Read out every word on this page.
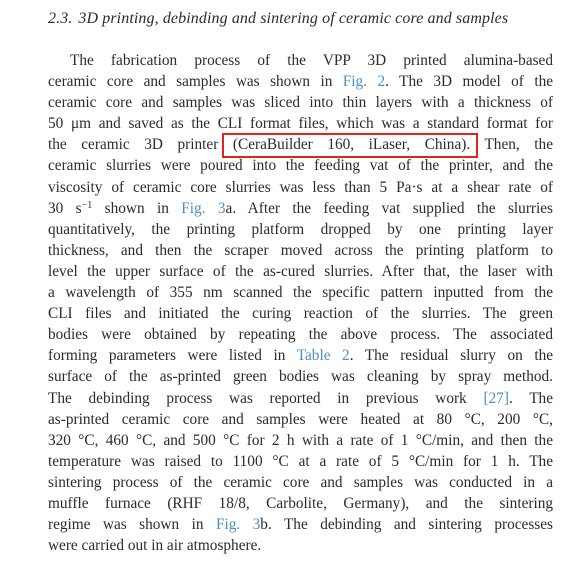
2.3. 3D printing, debinding and sintering of ceramic core and samples
The fabrication process of the VPP 3D printed alumina-based
ceramic core and samples was shown in Fig. 2. The 3D model of the
ceramic core and samples was sliced into thin layers with a thickness of
50 μm and saved as the CLI format files, which was a standard format for
the ceramic 3D printer (CeraBuilder 160, iLaser, China). Then, the
ceramic slurries were poured into the feeding vat of the printer, and the
viscosity of ceramic core slurries was less than 5 Pa·s at a shear rate of
30 $s^{-1}$ shown in Fig. 3a. After the feeding vat supplied the slurries
quantitatively, the printing platform dropped by one printing layer
thickness, and then the scraper moved across the printing platform to
level the upper surface of the as-cured slurries. After that, the laser with
a wavelength of 355 nm scanned the specific pattern inputted from the
CLI files and initiated the curing reaction of the slurries. The green
bodies were obtained by repeating the above process. The associated
forming parameters were listed in Table 2. The residual slurry on the
surface of the as-printed green bodies was cleaning by spray method.
The debinding process was reported in previous work [27]. The
as-printed ceramic core and samples were heated at 80 °C, 200 °C,
320 °C, 460 °C, and 500 °C for 2 h with a rate of 1 °C/min, and then the
temperature was raised to 1100 °C at a rate of 5 °C/min for 1 h. The
sintering process of the ceramic core and samples was conducted in a
muffle furnace (RHF 18/8, Carbolite, Germany), and the sintering
regime was shown in Fig. 3b. The debinding and sintering processes
were carried out in air atmosphere.
